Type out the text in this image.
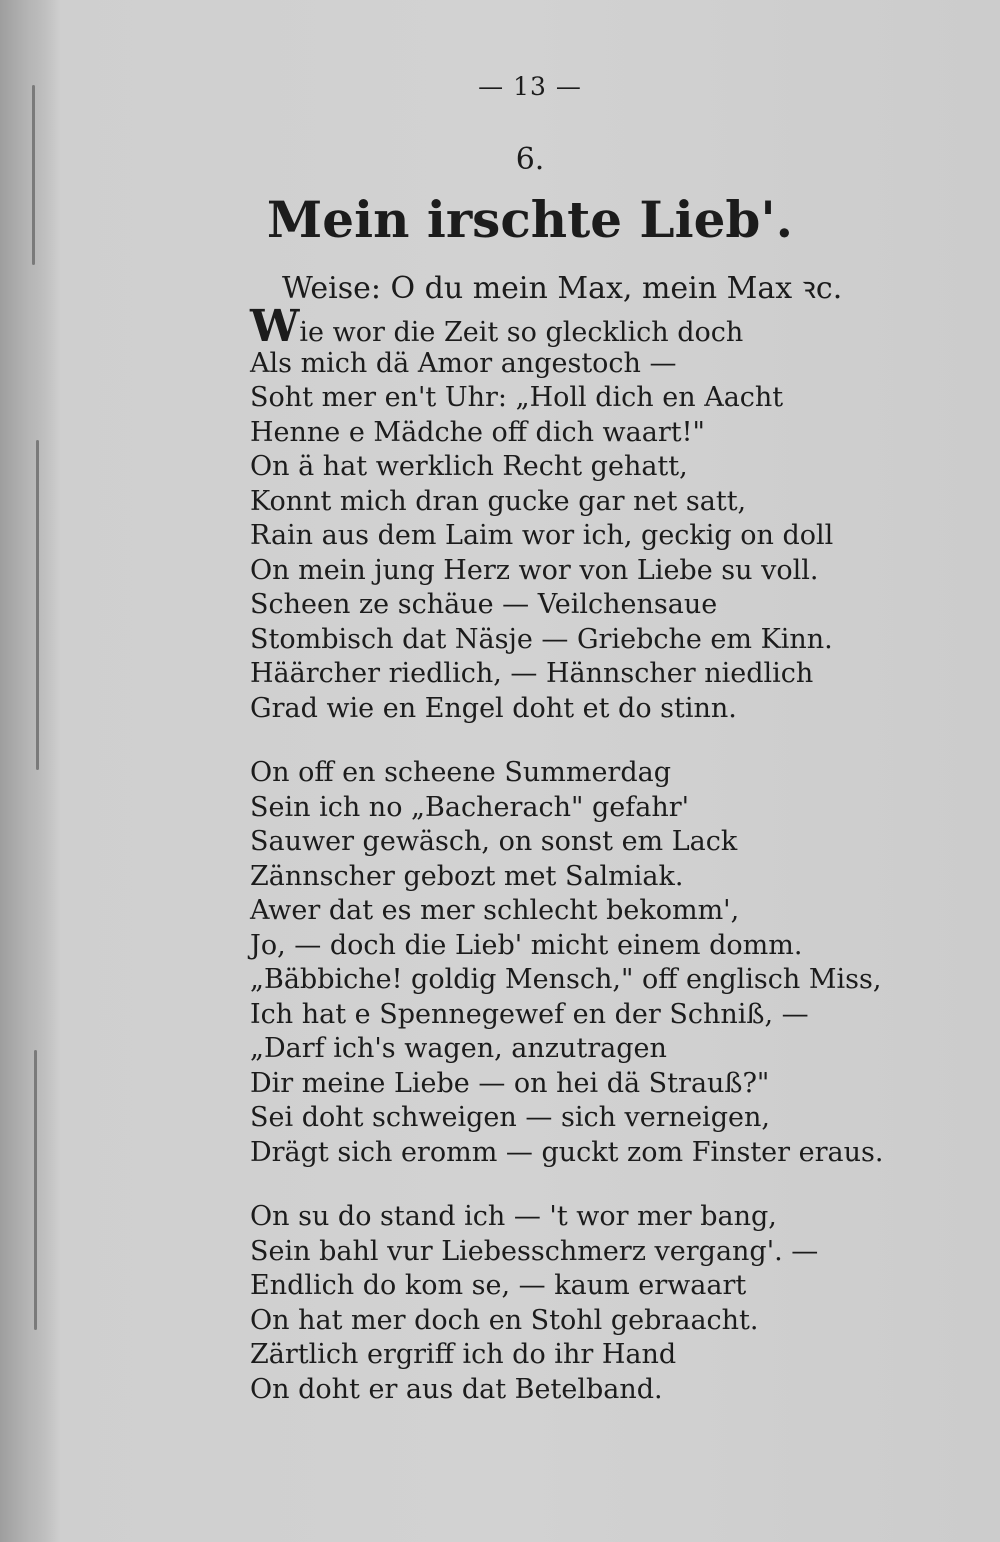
— 13 —
6.
Mein irschte Lieb'.
Weise: O du mein Max, mein Max ꝛc.
Wie wor die Zeit so glecklich doch
Als mich dä Amor angestoch —
Soht mer en't Uhr: „Holl dich en Aacht
Henne e Mädche off dich waart!"
On ä hat werklich Recht gehatt,
Konnt mich dran gucke gar net satt,
Rain aus dem Laim wor ich, geckig on doll
On mein jung Herz wor von Liebe su voll.
Scheen ze schäue — Veilchensaue
Stombisch dat Näsje — Griebche em Kinn.
Häärcher riedlich, — Hännscher niedlich
Grad wie en Engel doht et do stinn.
On off en scheene Summerdag
Sein ich no „Bacherach" gefahr'
Sauwer gewäsch, on sonst em Lack
Zännscher gebozt met Salmiak.
Awer dat es mer schlecht bekomm',
Jo, — doch die Lieb' micht einem domm.
„Bäbbiche! goldig Mensch," off englisch Miss,
Ich hat e Spennegewef en der Schniß, —
„Darf ich's wagen, anzutragen
Dir meine Liebe — on hei dä Strauß?"
Sei doht schweigen — sich verneigen,
Drägt sich eromm — guckt zom Finster eraus.
On su do stand ich — 't wor mer bang,
Sein bahl vur Liebesschmerz vergang'. —
Endlich do kom se, — kaum erwaart
On hat mer doch en Stohl gebraacht.
Zärtlich ergriff ich do ihr Hand
On doht er aus dat Betelband.
